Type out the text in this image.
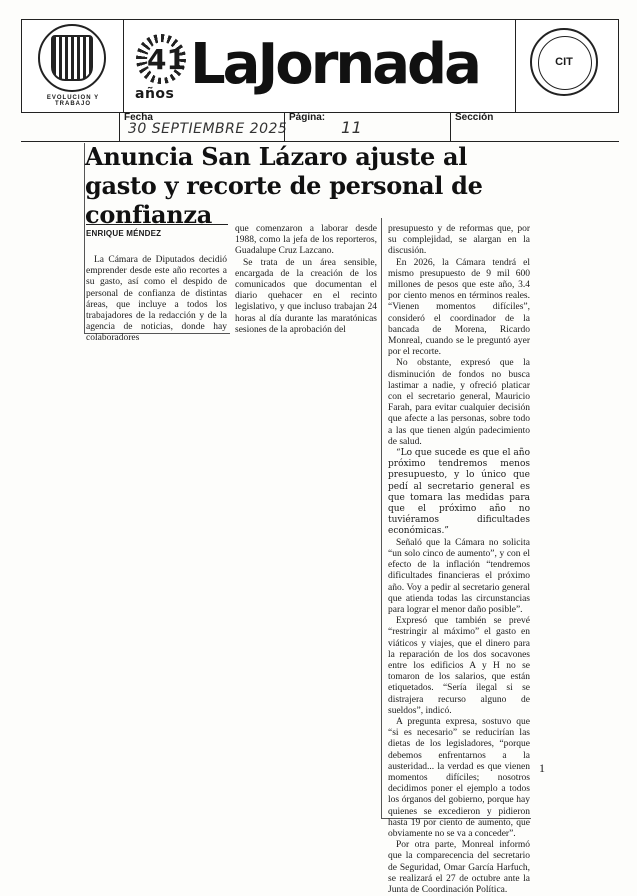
EVOLUCION Y TRABAJO
41
años LaJornada	CIT
Fecha
30 SEPTIEMBRE 2025
Página:
11
Sección
Anuncia San Lázaro ajuste al gasto y recorte de personal de confianza
ENRIQUE MÉNDEZ

La Cámara de Diputados decidió emprender desde este año recortes a su gasto, así como el despido de personal de confianza de distintas áreas, que incluye a todos los trabajadores de la redacción y de la agencia de noticias, donde hay colaboradores

que comenzaron a laborar desde 1988, como la jefa de los reporteros, Guadalupe Cruz Lazcano.

Se trata de un área sensible, encargada de la creación de los comunicados que documentan el diario quehacer en el recinto legislativo, y que incluso trabajan 24 horas al día durante las maratónicas sesiones de la aprobación del

presupuesto y de reformas que, por su complejidad, se alargan en la discusión.

En 2026, la Cámara tendrá el mismo presupuesto de 9 mil 600 millones de pesos que este año, 3.4 por ciento menos en términos reales. “Vienen momentos difíciles”, consideró el coordinador de la bancada de Morena, Ricardo Monreal, cuando se le preguntó ayer por el recorte.

No obstante, expresó que la disminución de fondos no busca lastimar a nadie, y ofreció platicar con el secretario general, Mauricio Farah, para evitar cualquier decisión que afecte a las personas, sobre todo a las que tienen algún padecimiento de salud.

“Lo que sucede es que el año próximo tendremos menos presupuesto, y lo único que pedí al secretario general es que tomara las medidas para que el próximo año no tuviéramos dificultades económicas.”

Señaló que la Cámara no solicita “un solo cinco de aumento”, y con el efecto de la inflación “tendremos dificultades financieras el próximo año. Voy a pedir al secretario general que atienda todas las circunstancias para lograr el menor daño posible”.

Expresó que también se prevé “restringir al máximo” el gasto en viáticos y viajes, que el dinero para la reparación de los dos socavones entre los edificios A y H no se tomaron de los salarios, que están etiquetados. “Sería ilegal si se distrajera recurso alguno de sueldos”, indicó.

A pregunta expresa, sostuvo que “si es necesario” se reducirían las dietas de los legisladores, “porque debemos enfrentarnos a la austeridad... la verdad es que vienen momentos difíciles; nosotros decidimos poner el ejemplo a todos los órganos del gobierno, porque hay quienes se excedieron y pidieron hasta 19 por ciento de aumento, que obviamente no se va a conceder”.

Por otra parte, Monreal informó que la comparecencia del secretario de Seguridad, Omar García Harfuch, se realizará el 27 de octubre ante la Junta de Coordinación Política.

1
